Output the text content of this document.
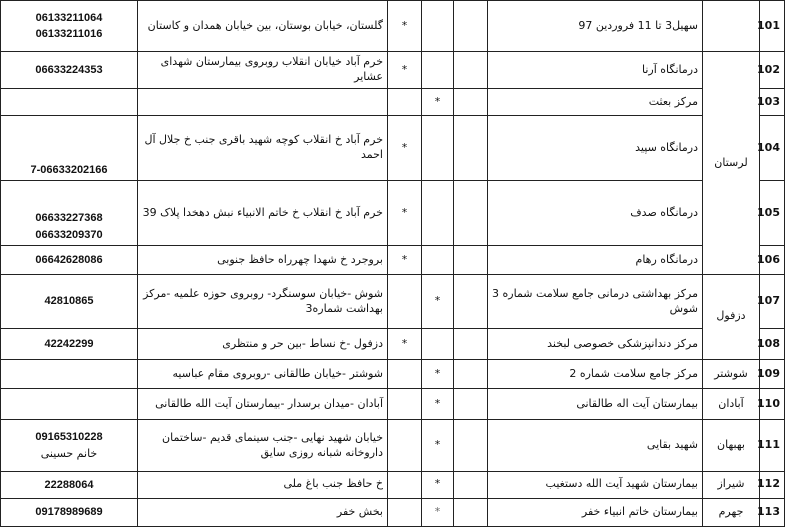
101		سهیل3 تا 11 فروردین 97			*	گلستان، خیابان بوستان، بین خیابان همدان و کاستان	06133211064
06133211016

102	لرستان	درمانگاه آرنا			*	خرم آباد خیابان انقلاب روبروی بیمارستان شهدای عشایر	06633224353

103		مرکز بعثت		*			
104		درمانگاه سپید			*	خرم آباد خ انقلاب کوچه شهید باقری جنب خ جلال آل احمد	7-06633202166

105		درمانگاه صدف			*	خرم آباد خ انقلاب خ خاتم الانبیاء نبش دهخدا پلاک 39	06633227368
06633209370

106		درمانگاه رهام			*	بروجرد خ شهدا چهرراه حافظ جنوبی	06642628086

107	دزفول	مرکز بهداشتی درمانی جامع سلامت شماره 3 شوش		*		شوش -خیابان سوسنگرد- روبروی حوزه علمیه -مرکز بهداشت شماره3	42810865

108		مرکز دندانپزشکی خصوصی لبخند			*	دزفول -خ نساط -بین حر و منتظری	42242299

109	شوشتر	مرکز جامع سلامت شماره 2		*		شوشتر -خیابان طالقانی -روبروی مقام عباسیه	
110	آبادان	بیمارستان آیت اله طالقانی		*		آبادان -میدان برسدار -بیمارستان آیت الله طالقانی	
111	بهبهان	شهید بقایی		*		خیابان شهید نهایی -جنب سینمای قدیم -ساختمان داروخانه شبانه روزی سایق	09165310228
خانم حسینی

112	شیراز	بیمارستان شهید آیت الله دستغیب		*		خ حافظ جنب باغ ملی	22288064

113	جهرم	بیمارستان خاتم انبیاء خفر		*		بخش خفر	09178989689
